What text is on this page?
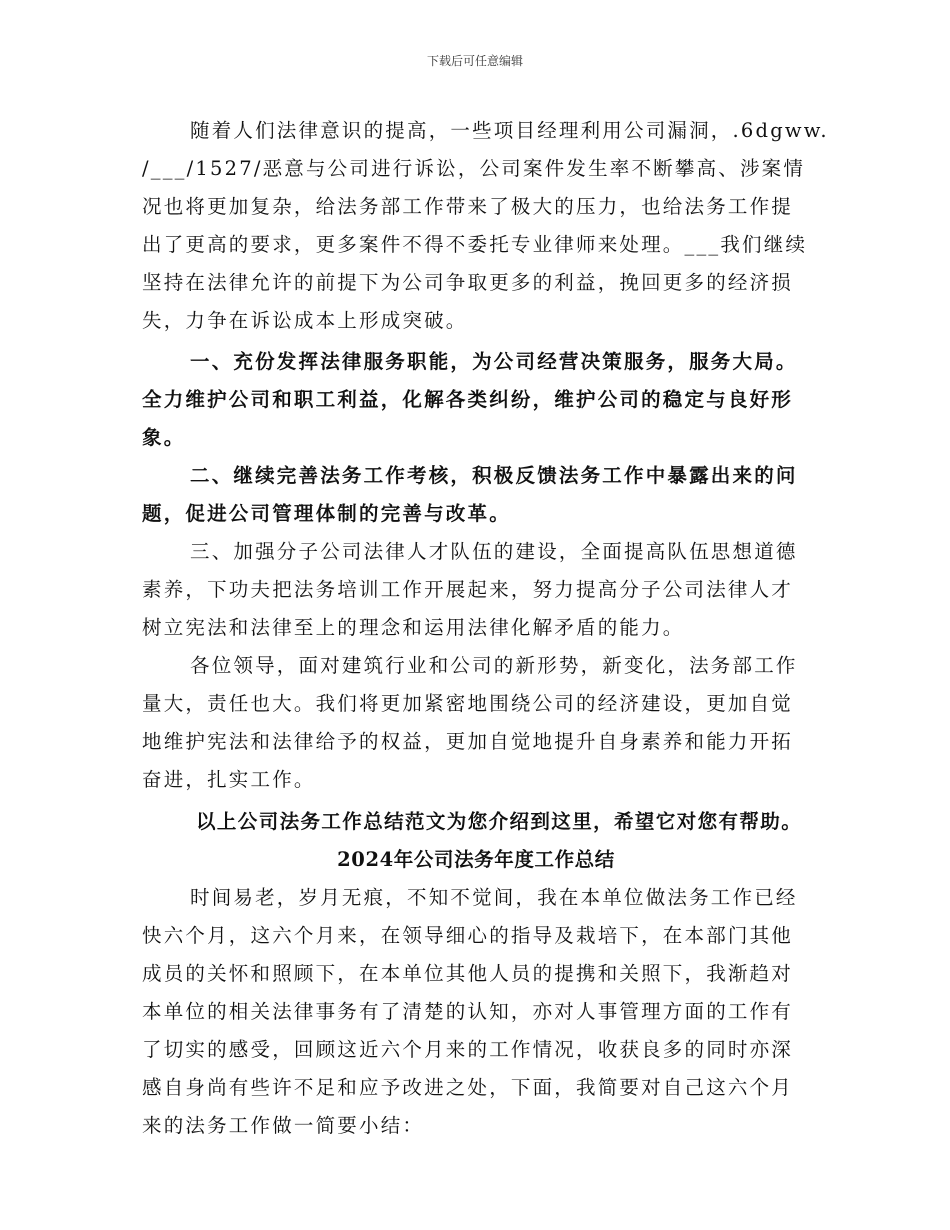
下载后可任意编辑
随着人们法律意识的提高，一些项目经理利用公司漏洞，.6dgww.
/___/1527/恶意与公司进行诉讼，公司案件发生率不断攀高、涉案情
况也将更加复杂，给法务部工作带来了极大的压力，也给法务工作提
出了更高的要求，更多案件不得不委托专业律师来处理。___我们继续
坚持在法律允许的前提下为公司争取更多的利益，挽回更多的经济损
失，力争在诉讼成本上形成突破。
一、充份发挥法律服务职能，为公司经营决策服务，服务大局。
全力维护公司和职工利益，化解各类纠纷，维护公司的稳定与良好形
象。
二、继续完善法务工作考核，积极反馈法务工作中暴露出来的问
题，促进公司管理体制的完善与改革。
三、加强分子公司法律人才队伍的建设，全面提高队伍思想道德
素养，下功夫把法务培训工作开展起来，努力提高分子公司法律人才
树立宪法和法律至上的理念和运用法律化解矛盾的能力。
各位领导，面对建筑行业和公司的新形势，新变化，法务部工作
量大，责任也大。我们将更加紧密地围绕公司的经济建设，更加自觉
地维护宪法和法律给予的权益，更加自觉地提升自身素养和能力开拓
奋进，扎实工作。
以上公司法务工作总结范文为您介绍到这里，希望它对您有帮助。
2024年公司法务年度工作总结
时间易老，岁月无痕，不知不觉间，我在本单位做法务工作已经
快六个月，这六个月来，在领导细心的指导及栽培下，在本部门其他
成员的关怀和照顾下，在本单位其他人员的提携和关照下，我渐趋对
本单位的相关法律事务有了清楚的认知，亦对人事管理方面的工作有
了切实的感受，回顾这近六个月来的工作情况，收获良多的同时亦深
感自身尚有些许不足和应予改进之处，下面，我简要对自己这六个月
来的法务工作做一简要小结：
